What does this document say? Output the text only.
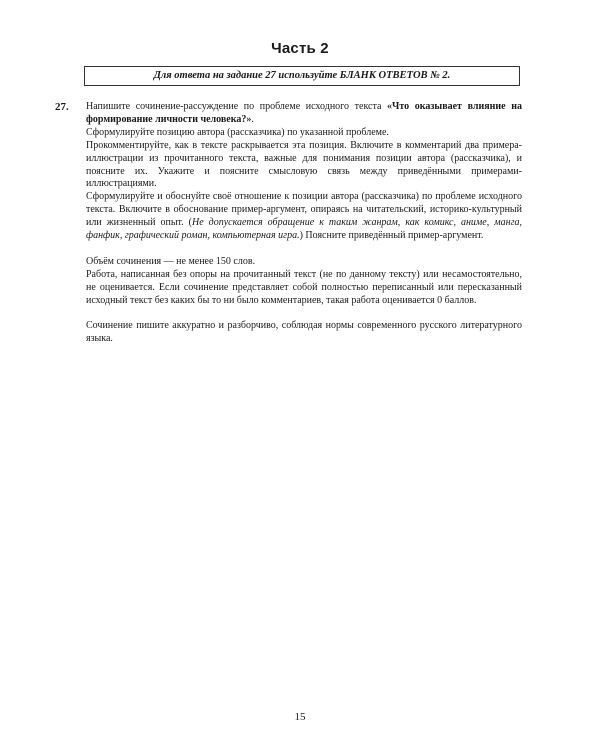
Часть 2
Для ответа на задание 27 используйте БЛАНК ОТВЕТОВ № 2.
27. Напишите сочинение-рассуждение по проблеме исходного текста «Что оказывает влияние на формирование личности человека?».

Сформулируйте позицию автора (рассказчика) по указанной проблеме.

Прокомментируйте, как в тексте раскрывается эта позиция. Включите в комментарий два примера-иллюстрации из прочитанного текста, важные для понимания позиции автора (рассказчика), и поясните их. Укажите и поясните смысловую связь между приведёнными примерами-иллюстрациями.

Сформулируйте и обоснуйте своё отношение к позиции автора (рассказчика) по проблеме исходного текста. Включите в обоснование пример-аргумент, опираясь на читательский, историко-культурный или жизненный опыт. (Не допускается обращение к таким жанрам, как комикс, аниме, манга, фанфик, графический роман, компьютерная игра.) Поясните приведённый пример-аргумент.

Объём сочинения — не менее 150 слов.

Работа, написанная без опоры на прочитанный текст (не по данному тексту) или несамостоятельно, не оценивается. Если сочинение представляет собой полностью переписанный или пересказанный исходный текст без каких бы то ни было комментариев, такая работа оценивается 0 баллов.

Сочинение пишите аккуратно и разборчиво, соблюдая нормы современного русского литературного языка.

15
